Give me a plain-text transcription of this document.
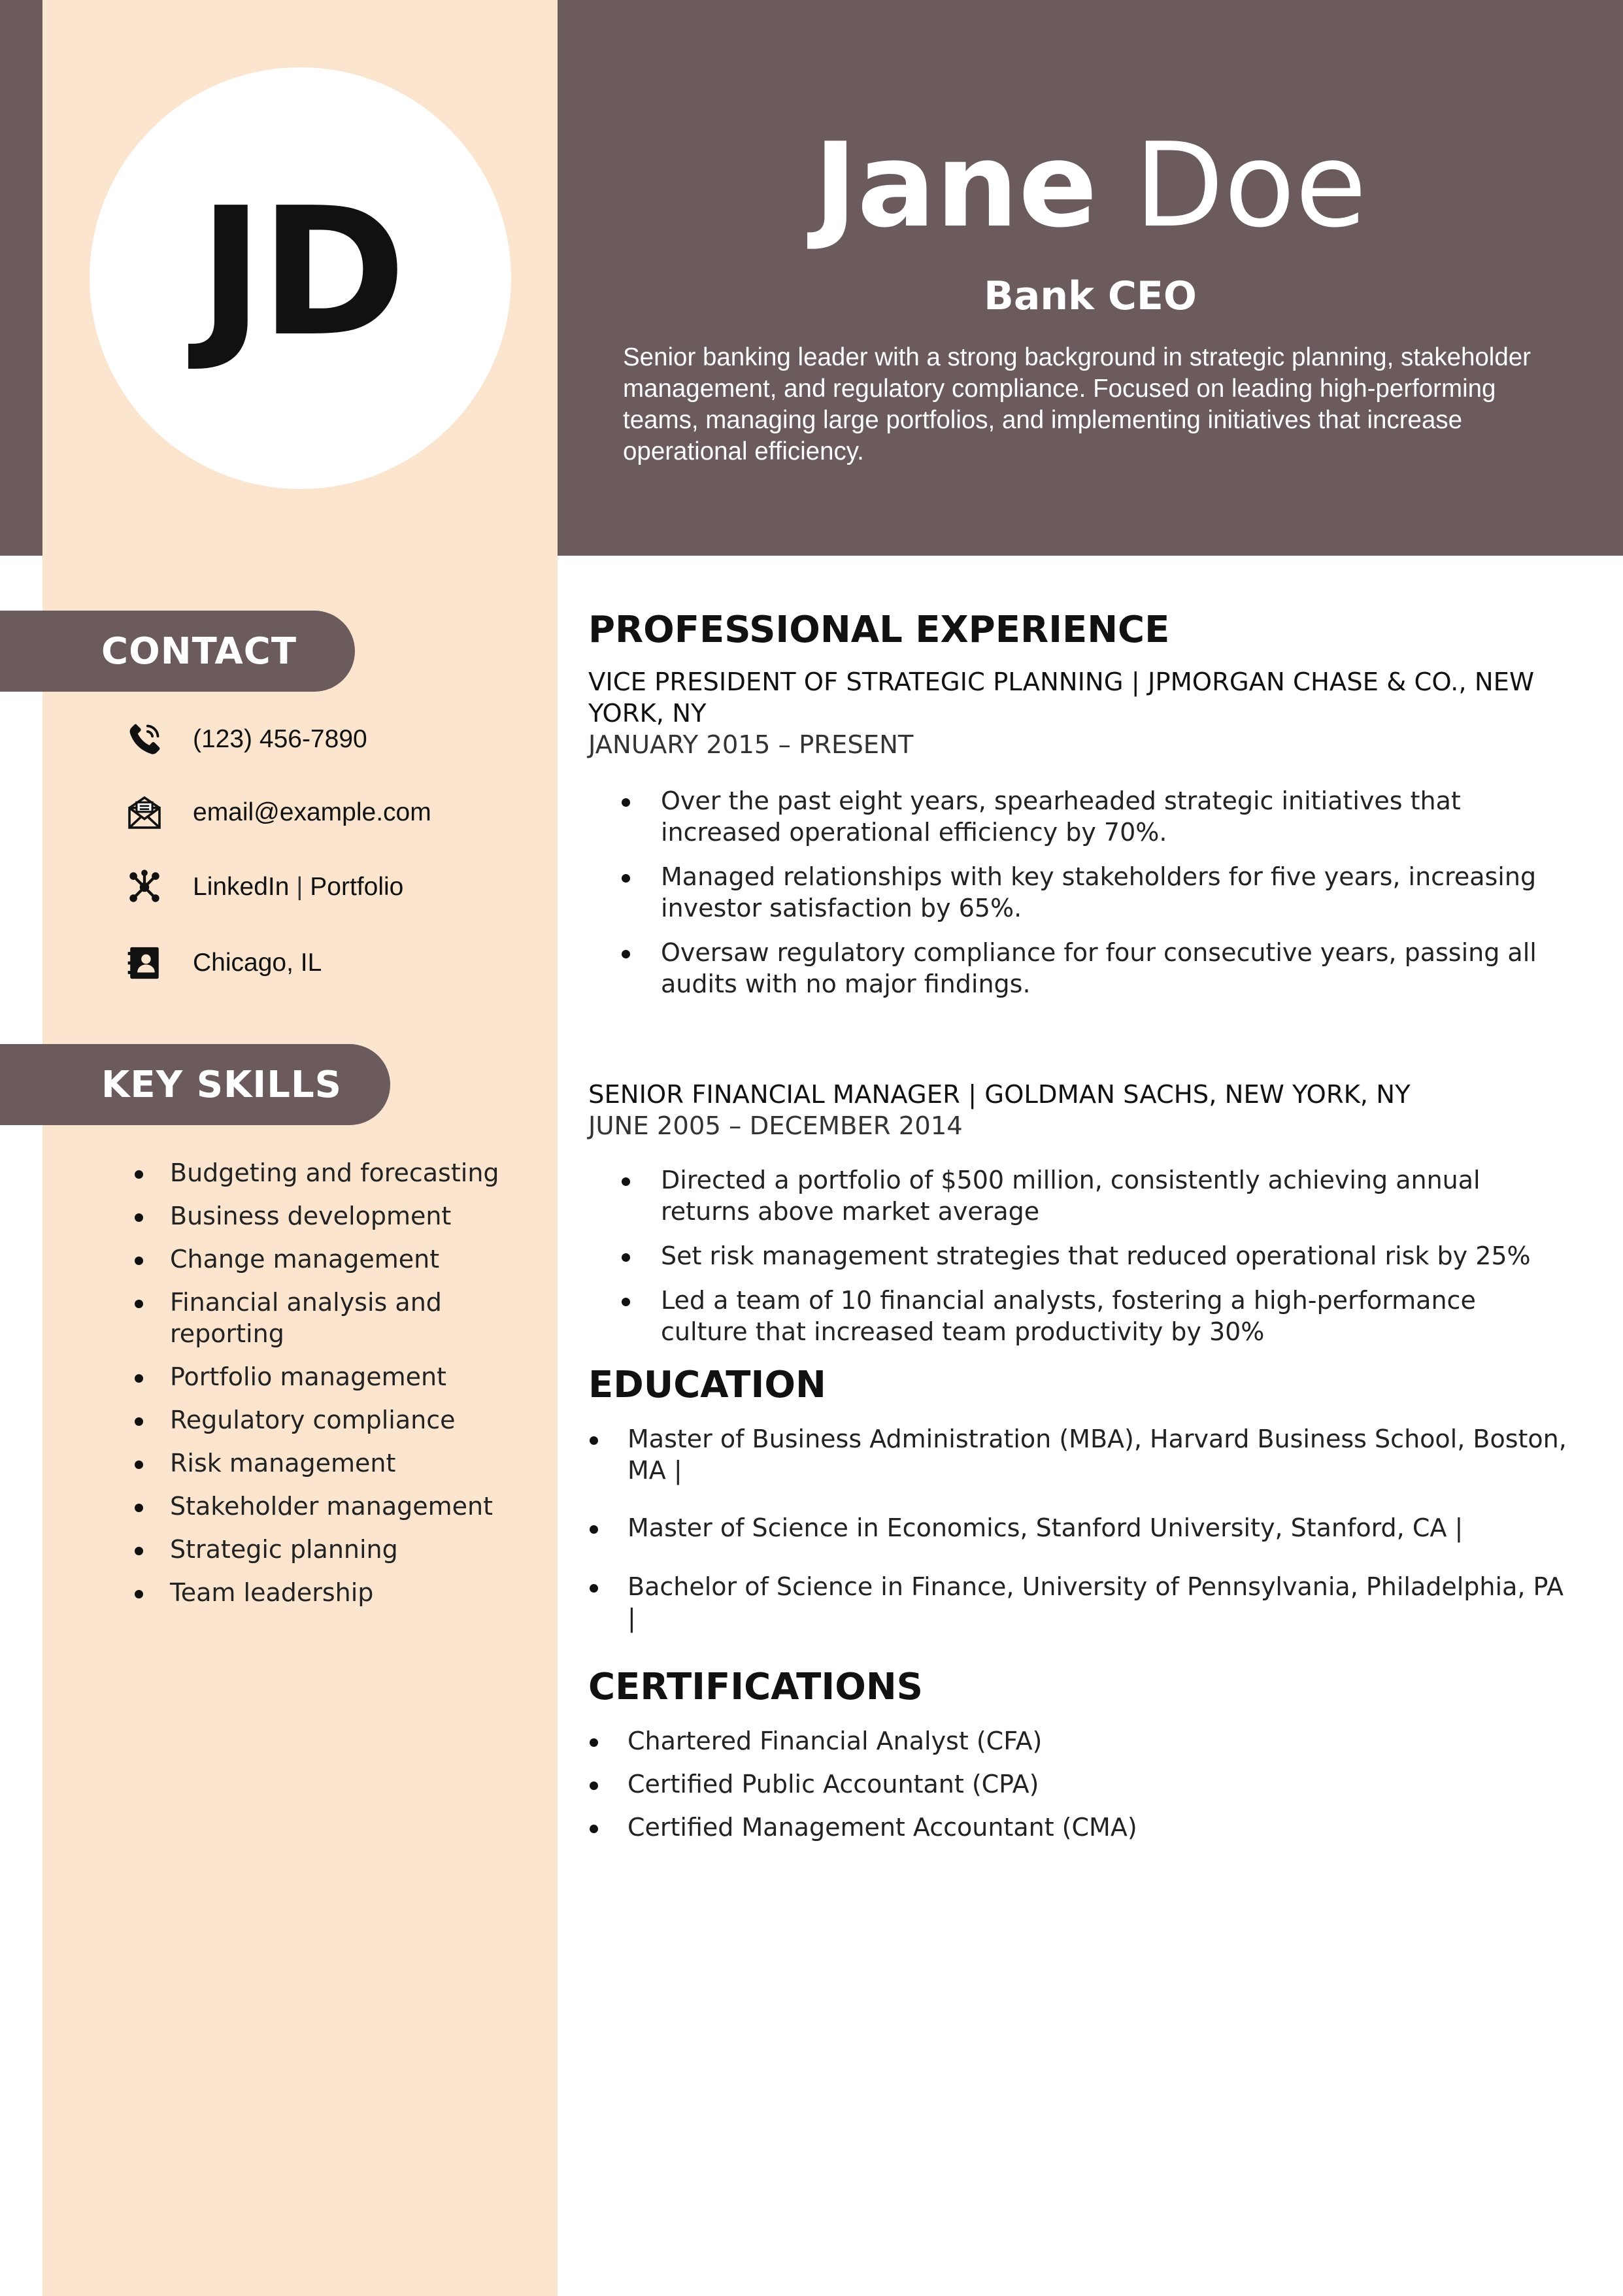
JD	Jane Doe
Bank CEO
Senior banking leader with a strong background in strategic planning, stakeholder management, and regulatory compliance. Focused on leading high-performing teams, managing large portfolios, and implementing initiatives that increase operational efficiency.
CONTACT
(123) 456-7890
email@example.com
LinkedIn | Portfolio
Chicago, IL
KEY SKILLS
Budgeting and forecasting
Business development
Change management
Financial analysis and reporting
Portfolio management
Regulatory compliance
Risk management
Stakeholder management
Strategic planning
Team leadership
PROFESSIONAL EXPERIENCE

VICE PRESIDENT OF STRATEGIC PLANNING | JPMORGAN CHASE & CO., NEW YORK, NY

JANUARY 2015 – PRESENT

Over the past eight years, spearheaded strategic initiatives that increased operational efficiency by 70%.
Managed relationships with key stakeholders for five years, increasing investor satisfaction by 65%.
Oversaw regulatory compliance for four consecutive years, passing all audits with no major findings.

SENIOR FINANCIAL MANAGER | GOLDMAN SACHS, NEW YORK, NY

JUNE 2005 – DECEMBER 2014

Directed a portfolio of $500 million, consistently achieving annual returns above market average
Set risk management strategies that reduced operational risk by 25%
Led a team of 10 financial analysts, fostering a high-performance culture that increased team productivity by 30%
EDUCATION
Master of Business Administration (MBA), Harvard Business School, Boston, MA |
Master of Science in Economics, Stanford University, Stanford, CA |
Bachelor of Science in Finance, University of Pennsylvania, Philadelphia, PA |
CERTIFICATIONS
Chartered Financial Analyst (CFA)
Certified Public Accountant (CPA)
Certified Management Accountant (CMA)
